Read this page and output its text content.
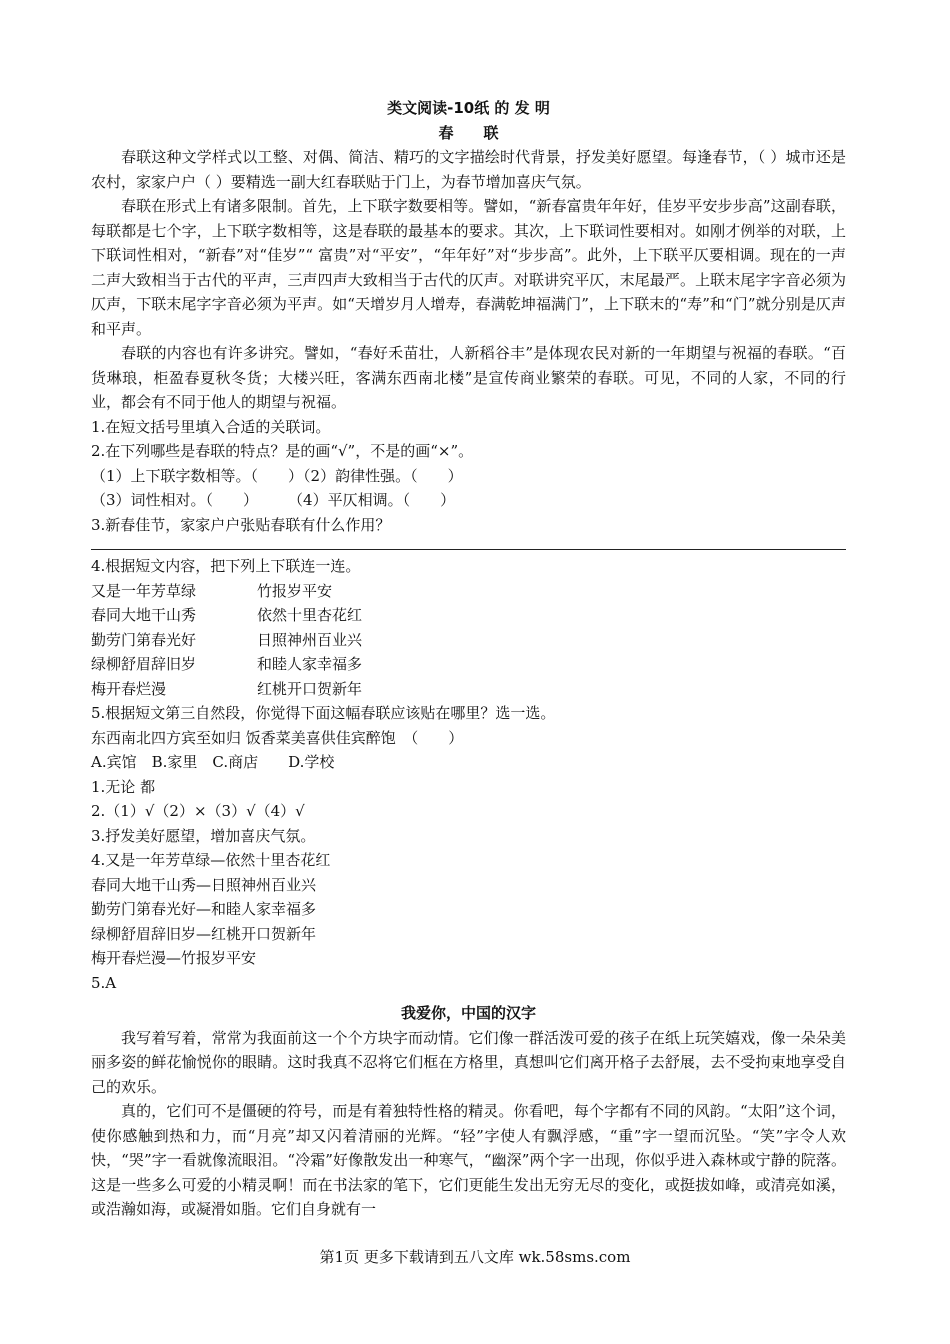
类文阅读-10纸 的 发 明

春联

春联这种文学样式以工整、对偶、简洁、精巧的文字描绘时代背景，抒发美好愿望。每逢春节，（ ）城市还是农村，家家户户（ ）要精选一副大红春联贴于门上，为春节增加喜庆气氛。

春联在形式上有诸多限制。首先，上下联字数要相等。譬如，“新春富贵年年好，佳岁平安步步高”这副春联，每联都是七个字，上下联字数相等，这是春联的最基本的要求。其次，上下联词性要相对。如刚才例举的对联，上下联词性相对，“新春”对“佳岁”“ 富贵”对“平安”，“年年好”对“步步高”。此外，上下联平仄要相调。现在的一声二声大致相当于古代的平声，三声四声大致相当于古代的仄声。对联讲究平仄，末尾最严。上联末尾字字音必须为仄声，下联末尾字字音必须为平声。如“天增岁月人增寿，春满乾坤福满门”，上下联末的“寿”和“门”就分别是仄声和平声。

春联的内容也有许多讲究。譬如，“春好禾苗壮，人新稻谷丰”是体现农民对新的一年期望与祝福的春联。“百货琳琅，柜盈春夏秋冬货；大楼兴旺，客满东西南北楼”是宣传商业繁荣的春联。可见，不同的人家，不同的行业，都会有不同于他人的期望与祝福。

1.在短文括号里填入合适的关联词。

2.在下列哪些是春联的特点？是的画“√”，不是的画“×”。

（1）上下联字数相等。（　　）（2）韵律性强。（　　）

（3）词性相对。（　　）　　　（4）平仄相调。（　　）

3.新春佳节，家家户户张贴春联有什么作用？

4.根据短文内容，把下列上下联连一连。

又是一年芳草绿	竹报岁平安
春同大地干山秀	依然十里杏花红
勤劳门第春光好	日照神州百业兴
绿柳舒眉辞旧岁	和睦人家幸福多
梅开春烂漫	红桃开口贺新年

5.根据短文第三自然段，你觉得下面这幅春联应该贴在哪里？选一选。

东西南北四方宾至如归 饭香菜美喜供佳宾醉饱　（　　）

A.宾馆　B.家里　C.商店　　D.学校

1.无论 都

2.（1）√（2）×（3）√（4）√

3.抒发美好愿望，增加喜庆气氛。

4.又是一年芳草绿—依然十里杏花红

春同大地干山秀—日照神州百业兴

勤劳门第春光好—和睦人家幸福多

绿柳舒眉辞旧岁—红桃开口贺新年

梅开春烂漫—竹报岁平安

5.A

我爱你，中国的汉字

我写着写着，常常为我面前这一个个方块字而动情。它们像一群活泼可爱的孩子在纸上玩笑嬉戏，像一朵朵美丽多姿的鲜花愉悦你的眼睛。这时我真不忍将它们框在方格里，真想叫它们离开格子去舒展，去不受拘束地享受自己的欢乐。

真的，它们可不是僵硬的符号，而是有着独特性格的精灵。你看吧，每个字都有不同的风韵。“太阳”这个词，使你感触到热和力，而“月亮”却又闪着清丽的光辉。“轻”字使人有飘浮感，“重”字一望而沉坠。“笑”字令人欢快，“哭”字一看就像流眼泪。“冷霜”好像散发出一种寒气，“幽深”两个字一出现，你似乎进入森林或宁静的院落。这是一些多么可爱的小精灵啊！而在书法家的笔下，它们更能生发出无穷无尽的变化，或挺拔如峰，或清亮如溪，或浩瀚如海，或凝滑如脂。它们自身就有一

第1页 更多下载请到五八文库 wk.58sms.com
